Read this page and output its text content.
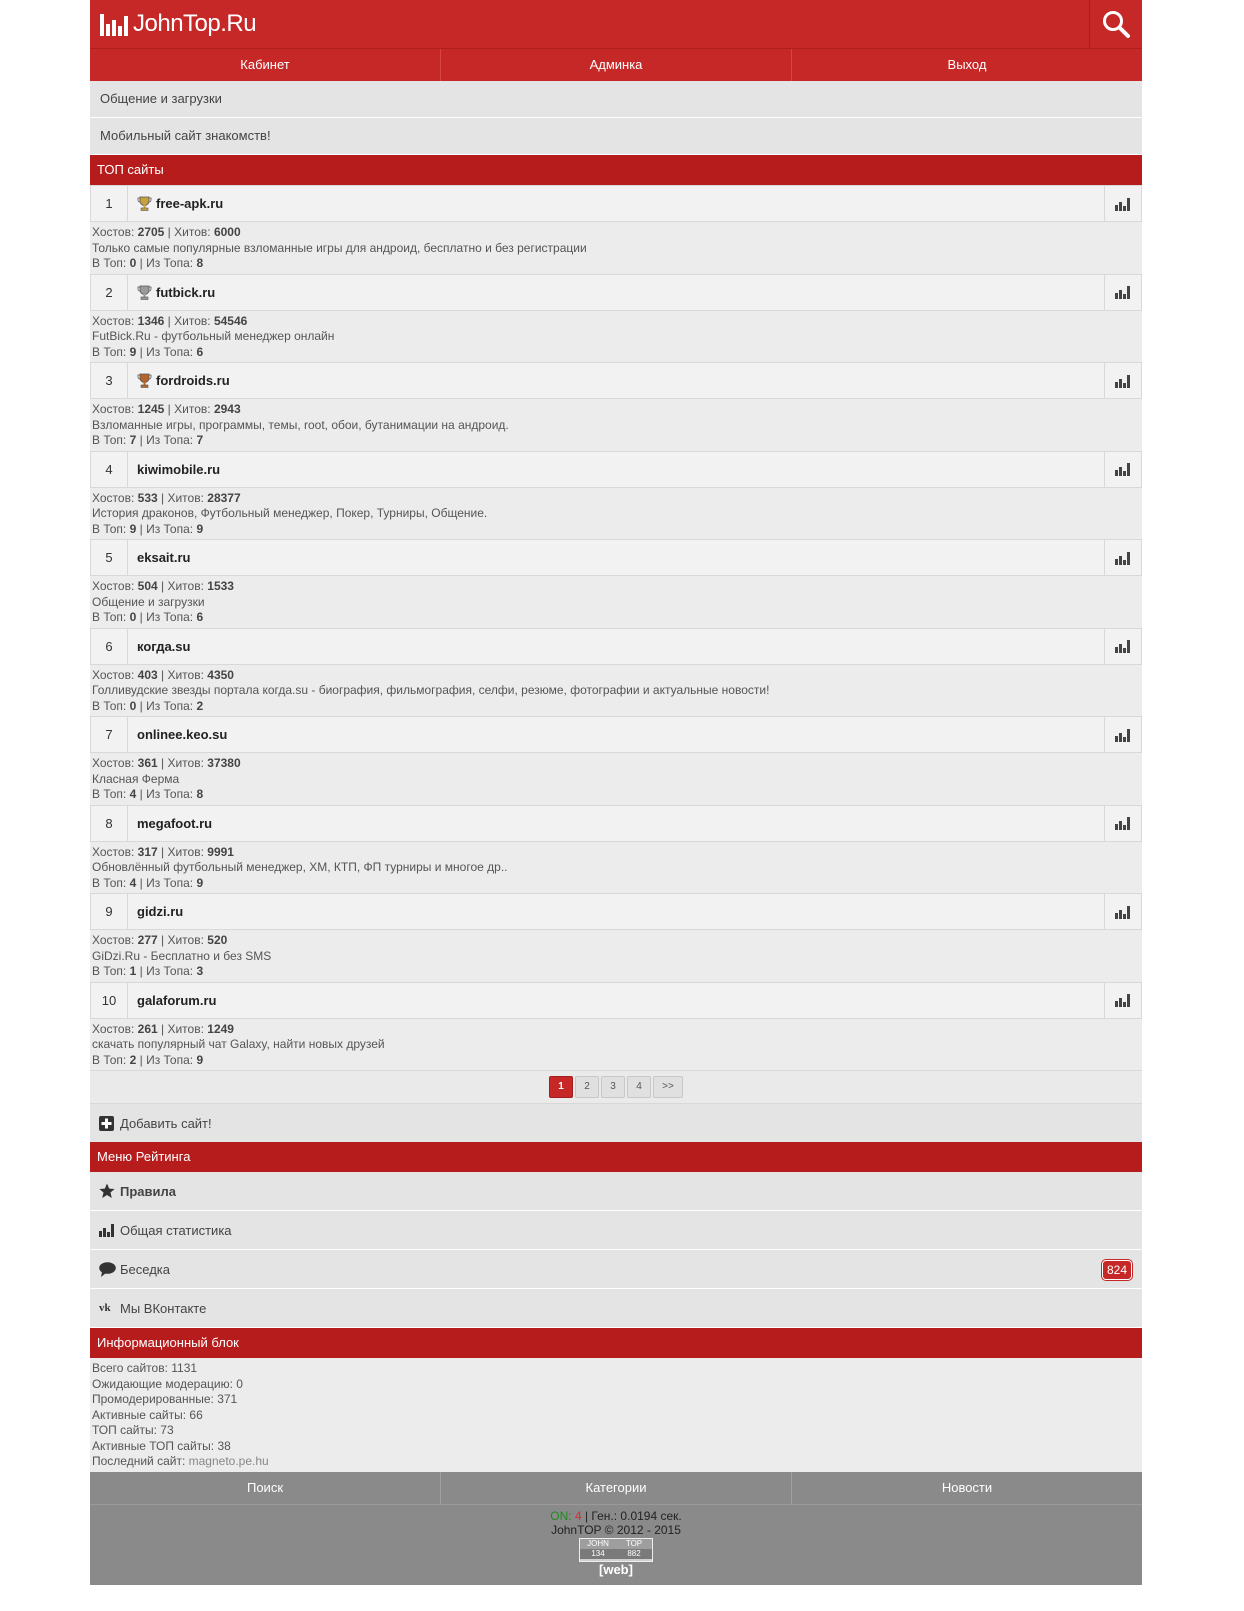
JohnTop.Ru
Кабинет	Админка	Выход
Общение и загрузки
Мобильный сайт знакомств!
ТОП сайты
1	free-apk.ru
Хостов: 2705 | Хитов: 6000
Только самые популярные взломанные игры для андроид, бесплатно и без регистрации
В Топ: 0 | Из Топа: 8
2	futbick.ru
Хостов: 1346 | Хитов: 54546
FutBick.Ru - футбольный менеджер онлайн
В Топ: 9 | Из Топа: 6
3	fordroids.ru
Хостов: 1245 | Хитов: 2943
Взломанные игры, программы, темы, root, обои, бутанимации на андроид.
В Топ: 7 | Из Топа: 7
4	kiwimobile.ru
Хостов: 533 | Хитов: 28377
История драконов, Футбольный менеджер, Покер, Турниры, Общение.
В Топ: 9 | Из Топа: 9
5	eksait.ru
Хостов: 504 | Хитов: 1533
Общение и загрузки
В Топ: 0 | Из Топа: 6
6	когда.su
Хостов: 403 | Хитов: 4350
Голливудские звезды портала когда.su - биография, фильмография, селфи, резюме, фотографии и актуальные новости!
В Топ: 0 | Из Топа: 2
7	onlinee.keo.su
Хостов: 361 | Хитов: 37380
Класная Ферма
В Топ: 4 | Из Топа: 8
8	megafoot.ru
Хостов: 317 | Хитов: 9991
Обновлённый футбольный менеджер, ХМ, КТП, ФП турниры и многое др..
В Топ: 4 | Из Топа: 9
9	gidzi.ru
Хостов: 277 | Хитов: 520
GiDzi.Ru - Бесплатно и без SMS
В Топ: 1 | Из Топа: 3
10	galaforum.ru
Хостов: 261 | Хитов: 1249
скачать популярный чат Galaxy, найти новых друзей
В Топ: 2 | Из Топа: 9
1	2	3	4	>>
Добавить сайт!
Меню Рейтинга
Правила
Общая статистика
Беседка	824
vk Мы ВКонтакте
Информационный блок
Всего сайтов: 1131
Ожидающие модерацию: 0
Промодерированные: 371
Активные сайты: 66
ТОП сайты: 73
Активные ТОП сайты: 38
Последний сайт: magneto.pe.hu
Поиск	Категории	Новости
ON: 4 | Ген.: 0.0194 сек.
JohnTOP © 2012 - 2015
JOHN	TOP
134	882
[web]
